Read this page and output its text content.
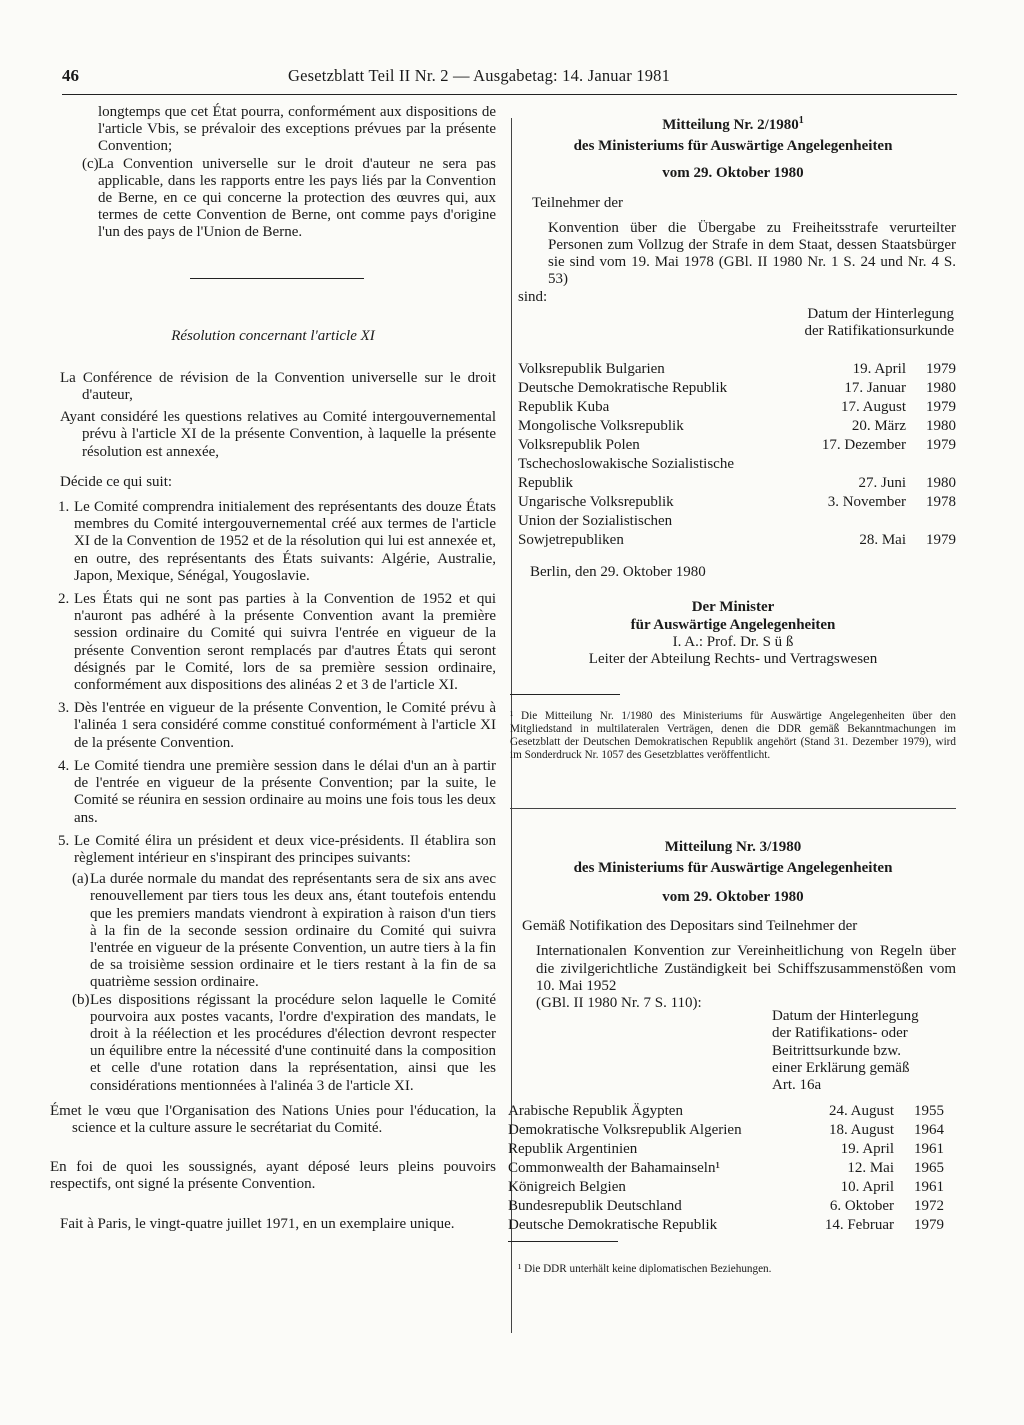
46	Gesetzblatt Teil II Nr. 2 — Ausgabetag: 14. Januar 1981

longtemps que cet État pourra, conformément aux dispositions de l'article Vbis, se prévaloir des exceptions prévues par la présente Convention;

(c) La Convention universelle sur le droit d'auteur ne sera pas applicable, dans les rapports entre les pays liés par la Convention de Berne, en ce qui concerne la protection des œuvres qui, aux termes de cette Convention de Berne, ont comme pays d'origine l'un des pays de l'Union de Berne.

Résolution concernant l'article XI

La Conférence de révision de la Convention universelle sur le droit d'auteur,

Ayant considéré les questions relatives au Comité intergouvernemental prévu à l'article XI de la présente Convention, à laquelle la présente résolution est annexée,

Décide ce qui suit:

1. Le Comité comprendra initialement des représentants des douze États membres du Comité intergouvernemental créé aux termes de l'article XI de la Convention de 1952 et de la résolution qui lui est annexée et, en outre, des représentants des États suivants: Algérie, Australie, Japon, Mexique, Sénégal, Yougoslavie.
2. Les États qui ne sont pas parties à la Convention de 1952 et qui n'auront pas adhéré à la présente Convention avant la première session ordinaire du Comité qui suivra l'entrée en vigueur de la présente Convention seront remplacés par d'autres États qui seront désignés par le Comité, lors de sa première session ordinaire, conformément aux dispositions des alinéas 2 et 3 de l'article XI.
3. Dès l'entrée en vigueur de la présente Convention, le Comité prévu à l'alinéa 1 sera considéré comme constitué conformément à l'article XI de la présente Convention.
4. Le Comité tiendra une première session dans le délai d'un an à partir de l'entrée en vigueur de la présente Convention; par la suite, le Comité se réunira en session ordinaire au moins une fois tous les deux ans.
5. Le Comité élira un président et deux vice-présidents. Il établira son règlement intérieur en s'inspirant des principes suivants:
(a) La durée normale du mandat des représentants sera de six ans avec renouvellement par tiers tous les deux ans, étant toutefois entendu que les premiers mandats viendront à expiration à raison d'un tiers à la fin de la seconde session ordinaire du Comité qui suivra l'entrée en vigueur de la présente Convention, un autre tiers à la fin de sa troisième session ordinaire et le tiers restant à la fin de sa quatrième session ordinaire.
(b) Les dispositions régissant la procédure selon laquelle le Comité pourvoira aux postes vacants, l'ordre d'expiration des mandats, le droit à la réélection et les procédures d'élection devront respecter un équilibre entre la nécessité d'une continuité dans la composition et celle d'une rotation dans la représentation, ainsi que les considérations mentionnées à l'alinéa 3 de l'article XI.

Émet le vœu que l'Organisation des Nations Unies pour l'éducation, la science et la culture assure le secrétariat du Comité.

En foi de quoi les soussignés, ayant déposé leurs pleins pouvoirs respectifs, ont signé la présente Convention.

Fait à Paris, le vingt-quatre juillet 1971, en un exemplaire unique.

Mitteilung Nr. 2/1980$^1$
des Ministeriums für Auswärtige Angelegenheiten
vom 29. Oktober 1980

Teilnehmer der

Konvention über die Übergabe zu Freiheitsstrafe verurteilter Personen zum Vollzug der Strafe in dem Staat, dessen Staatsbürger sie sind vom 19. Mai 1978 (GBl. II 1980 Nr. 1 S. 24 und Nr. 4 S. 53)

sind:

Datum der Hinterlegung
der Ratifikationsurkunde
Volksrepublik Bulgarien	19. April	1979
Deutsche Demokratische Republik	17. Januar	1980
Republik Kuba	17. August	1979
Mongolische Volksrepublik	20. März	1980
Volksrepublik Polen	17. Dezember	1979
Tschechoslowakische Sozialistische Republik	27. Juni	1980
Ungarische Volksrepublik	3. November	1978
Union der Sozialistischen Sowjetrepubliken	28. Mai	1979

Berlin, den 29. Oktober 1980

Der Minister
für Auswärtige Angelegenheiten
I. A.: Prof. Dr. S ü ß
Leiter der Abteilung Rechts- und Vertragswesen

¹ Die Mitteilung Nr. 1/1980 des Ministeriums für Auswärtige Angelegenheiten über den Mitgliedstand in multilateralen Verträgen, denen die DDR gemäß Bekanntmachungen im Gesetzblatt der Deutschen Demokratischen Republik angehört (Stand 31. Dezember 1979), wird im Sonderdruck Nr. 1057 des Gesetzblattes veröffentlicht.

Mitteilung Nr. 3/1980
des Ministeriums für Auswärtige Angelegenheiten
vom 29. Oktober 1980

Gemäß Notifikation des Depositars sind Teilnehmer der

Internationalen Konvention zur Vereinheitlichung von Regeln über die zivilgerichtliche Zuständigkeit bei Schiffszusammenstößen vom 10. Mai 1952

(GBl. II 1980 Nr. 7 S. 110):

Datum der Hinterlegung
der Ratifikations- oder
Beitrittsurkunde bzw.
einer Erklärung gemäß
Art. 16a
Arabische Republik Ägypten	24. August	1955
Demokratische Volksrepublik Algerien	18. August	1964
Republik Argentinien	19. April	1961
Commonwealth der Bahamainseln¹	12. Mai	1965
Königreich Belgien	10. April	1961
Bundesrepublik Deutschland	6. Oktober	1972
Deutsche Demokratische Republik	14. Februar	1979

¹ Die DDR unterhält keine diplomatischen Beziehungen.
